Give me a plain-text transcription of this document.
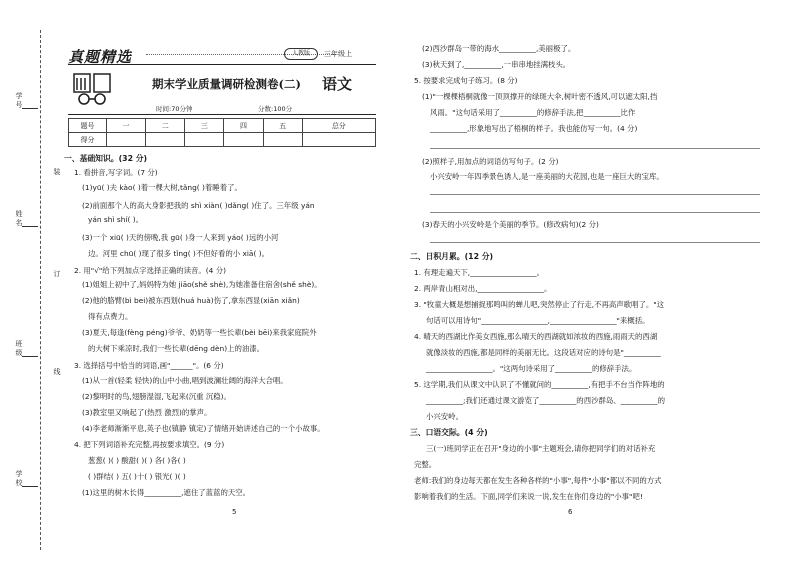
学号
姓名
班级
学校
装
订
线
真题精选	人教版	三年级上
期末学业质量调研检测卷(二) 语文
时间:70分钟	分数:100分
题号	一	二	三	四	五	总分
得分						
一、基础知识。(32 分)
1. 看拼音,写字词。(7 分)
(1)yū( )夫 kào( )着一棵大树,tǎng( )着睡着了。
(2)前面那个人的高大身影把我的 shì xiàn( )dǎng( )住了。三年级 yán
yán shì shí( )。
(3)一个 xiū( )天的傍晚,我 gū( )身一人来到 yáo( )远的小河
边。河里 chū( )现了很多 tǐng( )不但好看的小 xiā( )。
2. 用"√"给下列加点字选择正确的读音。(4 分)
(1)姐姐上初中了,妈妈特为她 jiāo(shě shè),为她准备住宿舍(shě shè)。
(2)他的胳臂(bì bei)被东西划(huá huà)伤了,拿东西显(xiān xiǎn)
得有点费力。
(3)夏天,每逢(fèng péng)爷爷、奶奶等一些长辈(bèi bēi)来我家庭院外
的大树下乘凉时,我们一些长辈(dēng dèn)上的油漆。
3. 选择括号中恰当的词语,画"______"。(6 分)
(1)从一首(轻柔 轻快)的山中小曲,唱到波澜壮阔的海洋大合唱。
(2)黎明时的鸟,翅膀湿湿,飞起来(沉重 沉稳)。
(3)教室里又响起了(热烈 激烈)的掌声。
(4)李老师渐渐平息,英子也(镇静 镇定)了情绪开始讲述自己的一个小故事。
4. 把下列词语补充完整,再按要求填空。(9 分)
葱葱( )( ) 酸甜( )( ) 各( )各( )
( )群结( ) 五( )十( ) 银光( )( )
(1)这里的树木长得__________,遮住了蓝蓝的天空。
5
(2)西沙群岛一带的海水__________,美丽极了。
(3)秋天到了,__________,一串串地挂满枝头。
5. 按要求完成句子练习。(8 分)
(1)"一棵棵梧桐就像一顶顶撑开的绿斑大伞,树叶密不透风,可以遮太阳,挡
风雨。"这句话采用了__________的修辞手法,把__________比作
__________,形象地写出了梧桐的样子。我也能仿写一句。(4 分)
(2)照样子,用加点的词语仿写句子。(2 分)
小兴安岭一年四季景色诱人,是一座美丽的大花园,也是一座巨大的宝库。
(3)春天的小兴安岭是个美丽的季节。(修改病句)(2 分)
二、日积月累。(12 分)
1. 有理走遍天下,__________________。
2. 两岸青山相对出,__________________。
3. "牧童大概是想捕捉那鸣叫的蝉儿吧,突然停止了行走,不再高声歌唱了。"这
句话可以用诗句"__________________,__________________"来概括。
4. 晴天的西湖比作美女西施,那么晴天的西湖就如浓妆的西施,雨雨天的西湖
就像淡妆的西施,都是同样的美丽无比。这段话对应的诗句是"__________
__________________。"这两句诗采用了__________的修辞手法。
5. 这学期,我们从课文中认识了不懂就问的__________,有把手不台当作阵地的
__________;我们还通过课文游览了__________的西沙群岛、__________的
小兴安岭。
三、口语交际。(4 分)
三(一)班同学正在召开"身边的小事"主题班会,请你把同学们的对话补充
完整。
老师:我们的身边每天都在发生各种各样的"小事",每件"小事"都以不同的方式
影响着我们的生活。下面,同学们来说一说,发生在你们身边的"小事"吧!
6
